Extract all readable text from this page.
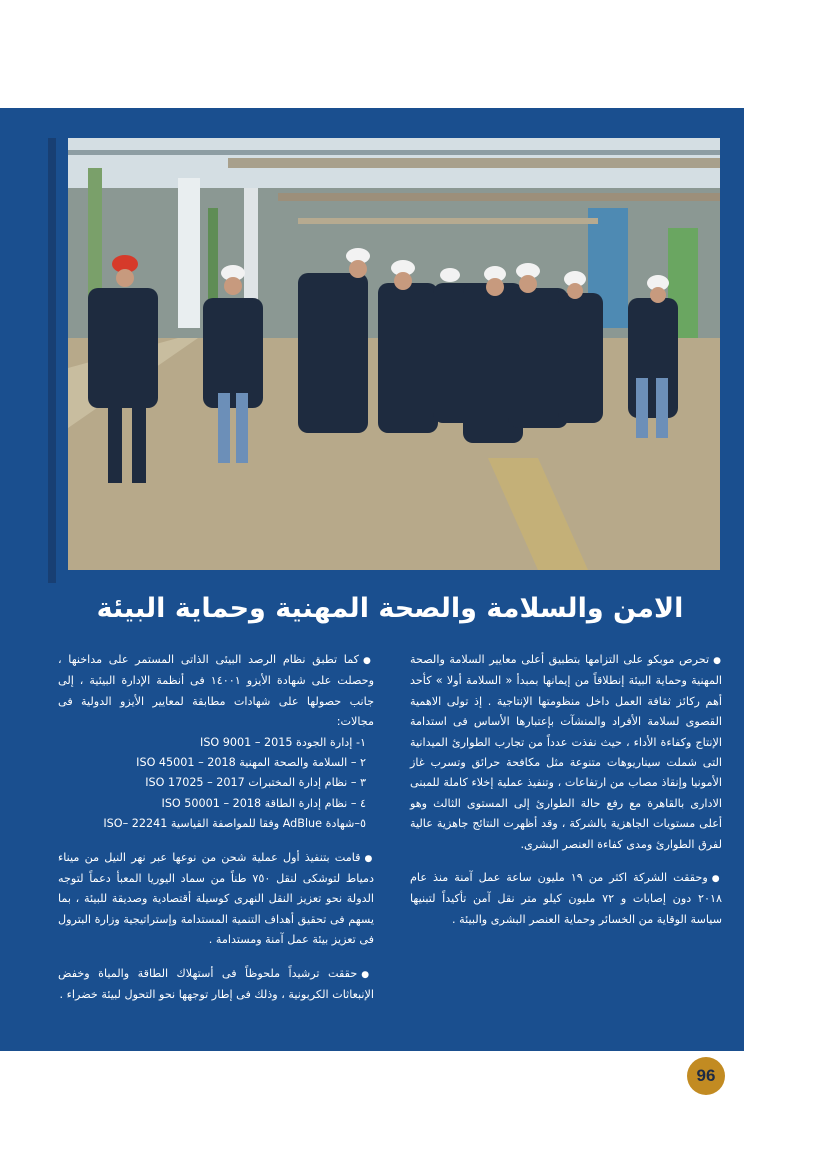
الامن والسلامة والصحة المهنية وحماية البيئة

●تحرص موبكو على التزامها بتطبيق أعلى معايير السلامة والصحة المهنية وحماية البيئة إنطلاقاً من إيمانها بمبدأ « السلامة أولا » كأحد أهم ركائز ثقافة العمل داخل منظومتها الإنتاجية . إذ تولى الاهمية القصوى لسلامة الأفراد والمنشآت بإعتبارها الأساس فى استدامة الإنتاج وكفاءة الأداء ، حيث نفذت عدداً من تجارب الطوارئ الميدانية التى شملت سيناريوهات متنوعة مثل مكافحة حرائق وتسرب غاز الأمونيا وإنقاذ مصاب من ارتفاعات ، وتنفيذ عملية إخلاء كاملة للمبنى الادارى بالقاهرة مع رفع حالة الطوارئ إلى المستوى الثالث وهو أعلى مستويات الجاهزية بالشركة ، وقد أظهرت النتائج جاهزية عالية لفرق الطوارئ ومدى كفاءة العنصر البشرى.

●وحققت الشركة اكثر من ١٩ مليون ساعة عمل آمنة منذ عام ٢٠١٨ دون إصابات و ٧٢ مليون كيلو متر نقل آمن تأكيداً لتبنيها سياسة الوقاية من الخسائر وحماية العنصر البشرى والبيئة .

●كما تطبق نظام الرصد البيئى الذاتى المستمر على مداخنها ، وحصلت على شهادة الأيزو ١٤٠٠١ فى أنظمة الإدارة البيئية ، إلى جانب حصولها على شهادات مطابقة لمعايير الأيزو الدولية فى مجالات:

١- إدارة الجودة ISO 9001 – 2015
٢ – السلامة والصحة المهنية ISO 45001 – 2018
٣ – نظام إدارة المختبرات ISO 17025 – 2017
٤ – نظام إدارة الطاقة ISO 50001 – 2018
٥–شهادة AdBlue وفقا للمواصفة القياسية ISO– 22241

●قامت بتنفيذ أول عملية شحن من نوعها عبر نهر النيل من ميناء دمياط لتوشكى لنقل ٧٥٠ طناً من سماد اليوريا المعبأ دعماً لتوجه الدولة نحو تعزيز النقل النهرى كوسيلة أقتصادية وصديقة للبيئة ، بما يسهم فى تحقيق أهداف التنمية المستدامة وإستراتيجية وزارة البترول فى تعزيز بيئة عمل آمنة ومستدامة .

●حققت ترشيداً ملحوظاً فى أستهلاك الطاقة والمياة وخفض الإنبعاثات الكربونية ، وذلك فى إطار توجهها نحو التحول لبيئة خضراء .

96
